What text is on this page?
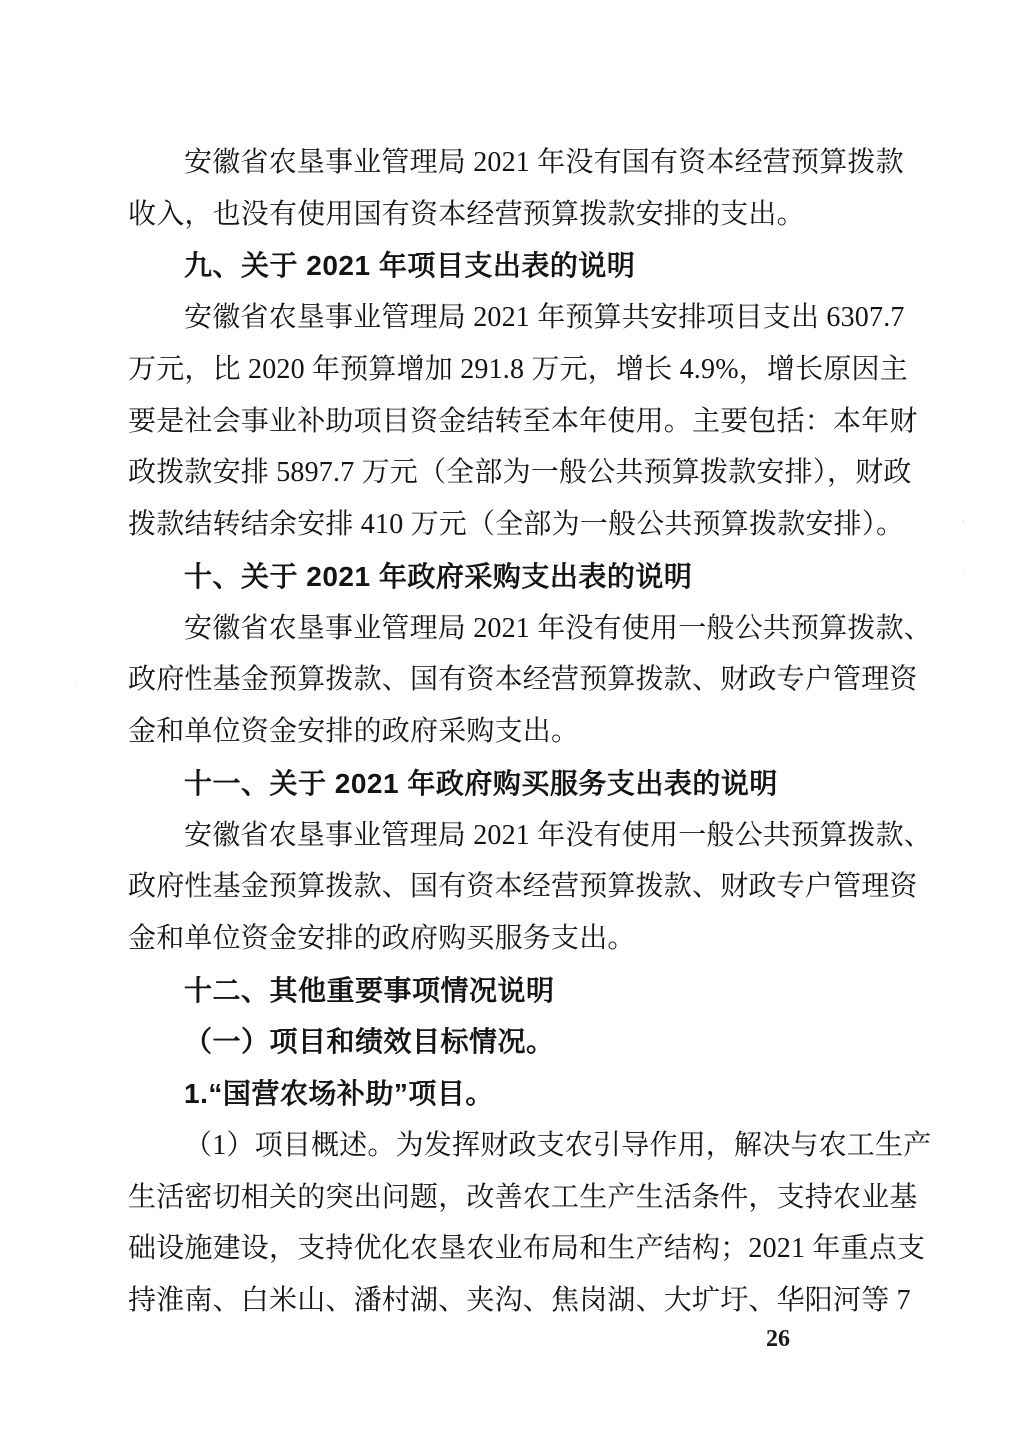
安徽省农垦事业管理局 2021 年没有国有资本经营预算拨款
收入，也没有使用国有资本经营预算拨款安排的支出。
九、关于 2021 年项目支出表的说明
安徽省农垦事业管理局 2021 年预算共安排项目支出 6307.7
万元，比 2020 年预算增加 291.8 万元，增长 4.9%，增长原因主
要是社会事业补助项目资金结转至本年使用。主要包括：本年财
政拨款安排 5897.7 万元（全部为一般公共预算拨款安排），财政
拨款结转结余安排 410 万元（全部为一般公共预算拨款安排）。
十、关于 2021 年政府采购支出表的说明
安徽省农垦事业管理局 2021 年没有使用一般公共预算拨款、
政府性基金预算拨款、国有资本经营预算拨款、财政专户管理资
金和单位资金安排的政府采购支出。
十一、关于 2021 年政府购买服务支出表的说明
安徽省农垦事业管理局 2021 年没有使用一般公共预算拨款、
政府性基金预算拨款、国有资本经营预算拨款、财政专户管理资
金和单位资金安排的政府购买服务支出。
十二、其他重要事项情况说明
（一）项目和绩效目标情况。
1.“国营农场补助”项目。
（1）项目概述。为发挥财政支农引导作用，解决与农工生产
生活密切相关的突出问题，改善农工生产生活条件，支持农业基
础设施建设，支持优化农垦农业布局和生产结构；2021 年重点支
持淮南、白米山、潘村湖、夹沟、焦岗湖、大圹圩、华阳河等 7
26
